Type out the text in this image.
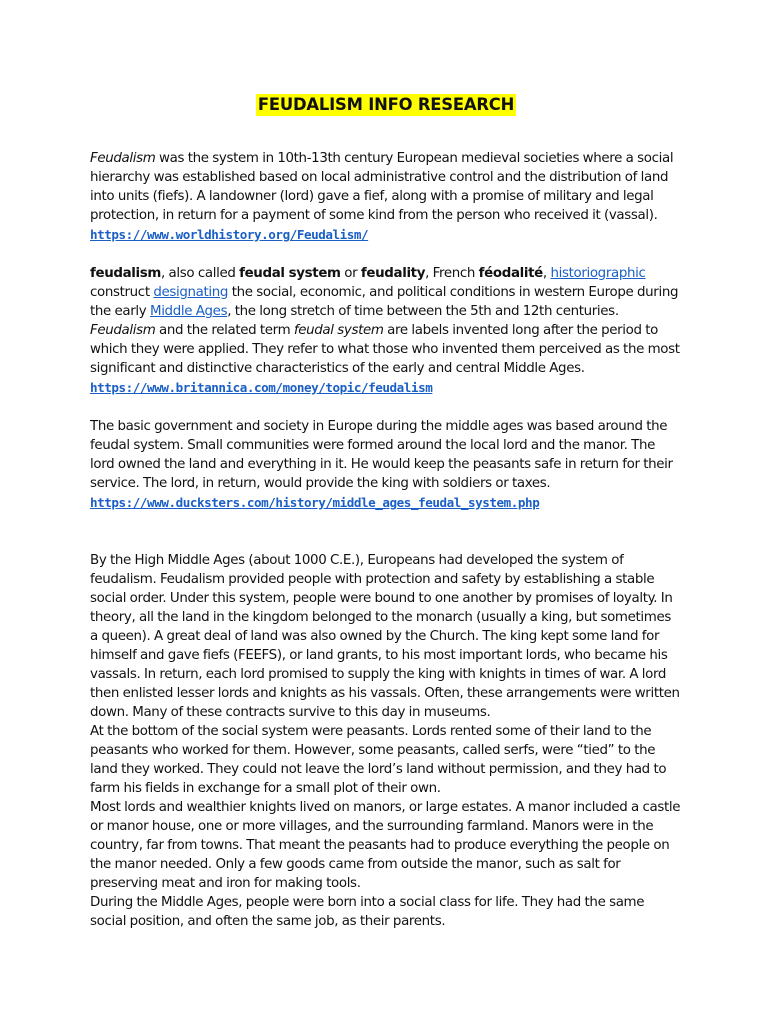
FEUDALISM INFO RESEARCH

Feudalism was the system in 10th-13th century European medieval societies where a social hierarchy was established based on local administrative control and the distribution of land into units (fiefs). A landowner (lord) gave a fief, along with a promise of military and legal protection, in return for a payment of some kind from the person who received it (vassal).

https://www.worldhistory.org/Feudalism/

feudalism, also called feudal system or feudality, French féodalité, historiographic construct designating the social, economic, and political conditions in western Europe during the early Middle Ages, the long stretch of time between the 5th and 12th centuries. Feudalism and the related term feudal system are labels invented long after the period to which they were applied. They refer to what those who invented them perceived as the most significant and distinctive characteristics of the early and central Middle Ages.

https://www.britannica.com/money/topic/feudalism

The basic government and society in Europe during the middle ages was based around the feudal system. Small communities were formed around the local lord and the manor. The lord owned the land and everything in it. He would keep the peasants safe in return for their service. The lord, in return, would provide the king with soldiers or taxes.

https://www.ducksters.com/history/middle_ages_feudal_system.php

By the High Middle Ages (about 1000 C.E.), Europeans had developed the system of feudalism. Feudalism provided people with protection and safety by establishing a stable social order. Under this system, people were bound to one another by promises of loyalty. In theory, all the land in the kingdom belonged to the monarch (usually a king, but sometimes a queen). A great deal of land was also owned by the Church. The king kept some land for himself and gave fiefs (FEEFS), or land grants, to his most important lords, who became his vassals. In return, each lord promised to supply the king with knights in times of war. A lord then enlisted lesser lords and knights as his vassals. Often, these arrangements were written down. Many of these contracts survive to this day in museums.

At the bottom of the social system were peasants. Lords rented some of their land to the peasants who worked for them. However, some peasants, called serfs, were “tied” to the land they worked. They could not leave the lord’s land without permission, and they had to farm his fields in exchange for a small plot of their own.

Most lords and wealthier knights lived on manors, or large estates. A manor included a castle or manor house, one or more villages, and the surrounding farmland. Manors were in the country, far from towns. That meant the peasants had to produce everything the people on the manor needed. Only a few goods came from outside the manor, such as salt for preserving meat and iron for making tools.

During the Middle Ages, people were born into a social class for life. They had the same social position, and often the same job, as their parents.
